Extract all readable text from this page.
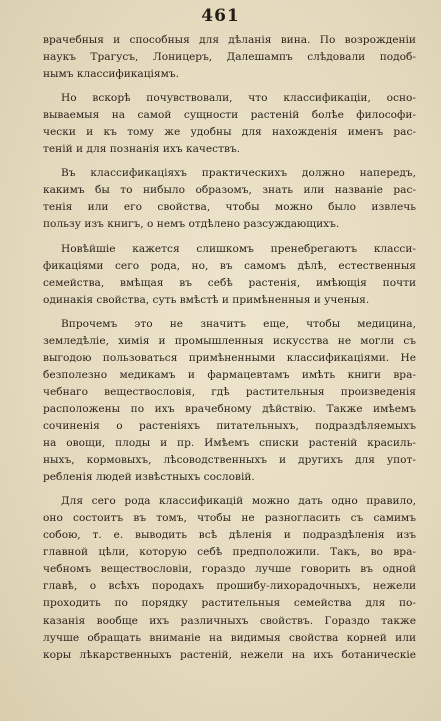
461
врачебныя и способныя для дѣланія вина. По возрожденіи
наукъ Трагусъ, Лоницеръ, Далешампъ слѣдовали подоб-
нымъ классификаціямъ.
Но вскорѣ почувствовали, что классификаціи, осно-
вываемыя на самой сущности растеній болѣе философи-
чески и къ тому же удобны для нахожденія именъ рас-
теній и для познанія ихъ качествъ.
Въ классификаціяхъ практическихъ должно напередъ,
какимъ бы то нибыло образомъ, знать или названіе рас-
тенія или его свойства, чтобы можно было извлечь
пользу изъ книгъ, о немъ отдѣлено разсуждающихъ.
Новѣйшіе кажется слишкомъ пренебрегаютъ класси-
фикаціями сего рода, но, въ самомъ дѣлѣ, естественныя
семейства, вмѣщая въ себѣ растенія, имѣющія почти
одинакія свойства, суть вмѣстѣ и примѣненныя и ученыя.
Впрочемъ это не значитъ еще, чтобы медицина,
земледѣліе, химія и промышленныя искусства не могли съ
выгодою пользоваться примѣненными классификаціями. Не
безполезно медикамъ и фармацевтамъ имѣть книги вра-
чебнаго веществословія, гдѣ растительныя произведенія
расположены по ихъ врачебному дѣйствію. Также имѣемъ
сочиненія о растеніяхъ питательныхъ, подраздѣляемыхъ
на овощи, плоды и пр. Имѣемъ списки растеній красиль-
ныхъ, кормовыхъ, лѣсоводственныхъ и другихъ для упот-
ребленія людей извѣстныхъ сословій.
Для сего рода классификацій можно дать одно правило,
оно состоитъ въ томъ, чтобы не разногласить съ самимъ
собою, т. е. выводить всѣ дѣленія и подраздѣленія изъ
главной цѣли, которую себѣ предположили. Такъ, во вра-
чебномъ веществословіи, гораздо лучше говорить въ одной
главѣ, о всѣхъ породахъ прошибу-лихорадочныхъ, нежели
проходить по порядку растительныя семейства для по-
казанія вообще ихъ различныхъ свойствъ. Гораздо также
лучше обращать вниманіе на видимыя свойства корней или
коры лѣкарственныхъ растеній, нежели на ихъ ботаническіе
